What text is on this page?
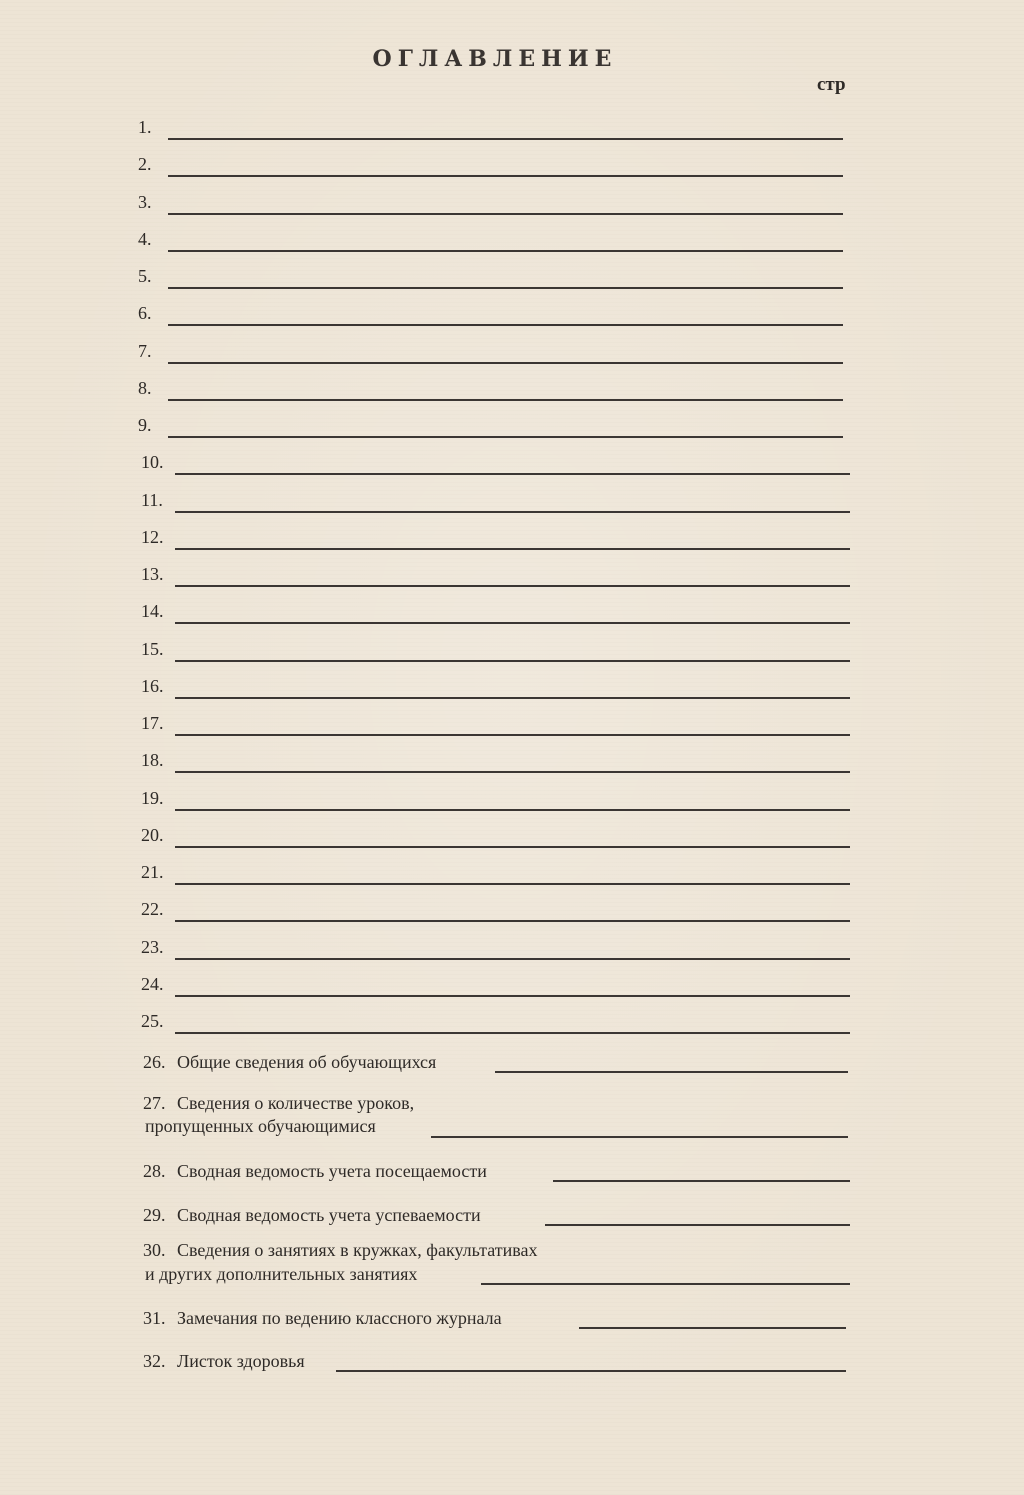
ОГЛАВЛЕНИЕ
стр
1.
2.
3.
4.
5.
6.
7.
8.
9.
10.
11.
12.
13.
14.
15.
16.
17.
18.
19.
20.
21.
22.
23.
24.
25.
26. Общие сведения об обучающихся
27. Сведения о количестве уроков,
пропущенных обучающимися
28. Сводная ведомость учета посещаемости
29. Сводная ведомость учета успеваемости
30. Сведения о занятиях в кружках, факультативах
и других дополнительных занятиях
31. Замечания по ведению классного журнала
32. Листок здоровья
